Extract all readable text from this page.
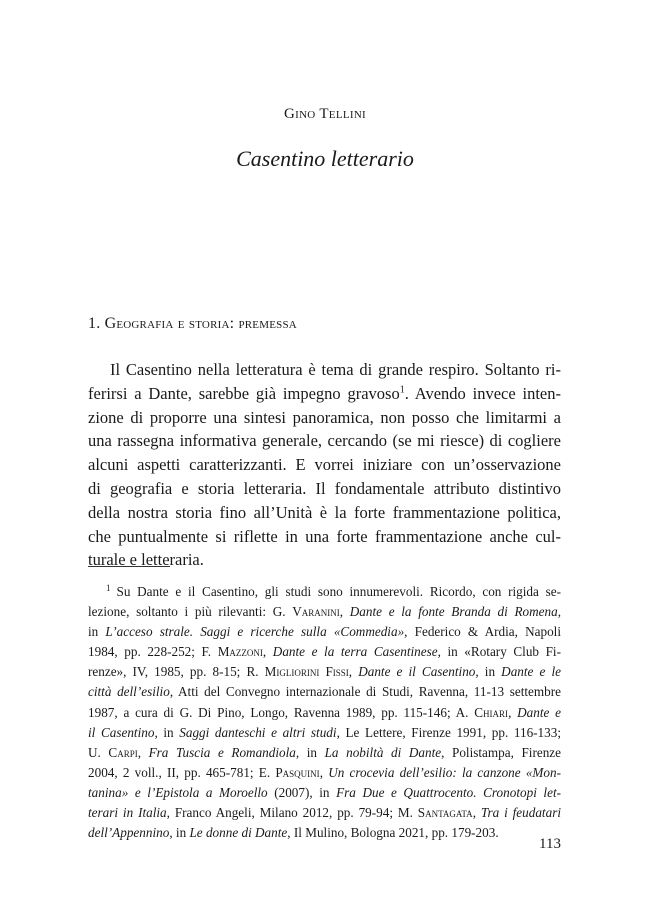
Gino Tellini
Casentino letterario
1. Geografia e storia: premessa
Il Casentino nella letteratura è tema di grande respiro. Soltanto ri-
ferirsi a Dante, sarebbe già impegno gravoso$^1$. Avendo invece inten-
zione di proporre una sintesi panoramica, non posso che limitarmi a
una rassegna informativa generale, cercando (se mi riesce) di cogliere
alcuni aspetti caratterizzanti. E vorrei iniziare con un’osservazione
di geografia e storia letteraria. Il fondamentale attributo distintivo
della nostra storia fino all’Unità è la forte frammentazione politica,
che puntualmente si riflette in una forte frammentazione anche cul-
turale e letteraria.
$^1$ Su Dante e il Casentino, gli studi sono innumerevoli. Ricordo, con rigida se-
lezione, soltanto i più rilevanti: G. Varanini, Dante e la fonte Branda di Romena,
in L’acceso strale. Saggi e ricerche sulla «Commedia», Federico & Ardia, Napoli
1984, pp. 228-252; F. Mazzoni, Dante e la terra Casentinese, in «Rotary Club Fi-
renze», IV, 1985, pp. 8-15; R. Migliorini Fissi, Dante e il Casentino, in Dante e le
città dell’esilio, Atti del Convegno internazionale di Studi, Ravenna, 11-13 settembre
1987, a cura di G. Di Pino, Longo, Ravenna 1989, pp. 115-146; A. Chiari, Dante e
il Casentino, in Saggi danteschi e altri studi, Le Lettere, Firenze 1991, pp. 116-133;
U. Carpi, Fra Tuscia e Romandiola, in La nobiltà di Dante, Polistampa, Firenze
2004, 2 voll., II, pp. 465-781; E. Pasquini, Un crocevia dell’esilio: la canzone «Mon-
tanina» e l’Epistola a Moroello (2007), in Fra Due e Quattrocento. Cronotopi let-
terari in Italia, Franco Angeli, Milano 2012, pp. 79-94; M. Santagata, Tra i feudatari
dell’Appennino, in Le donne di Dante, Il Mulino, Bologna 2021, pp. 179-203.
113
